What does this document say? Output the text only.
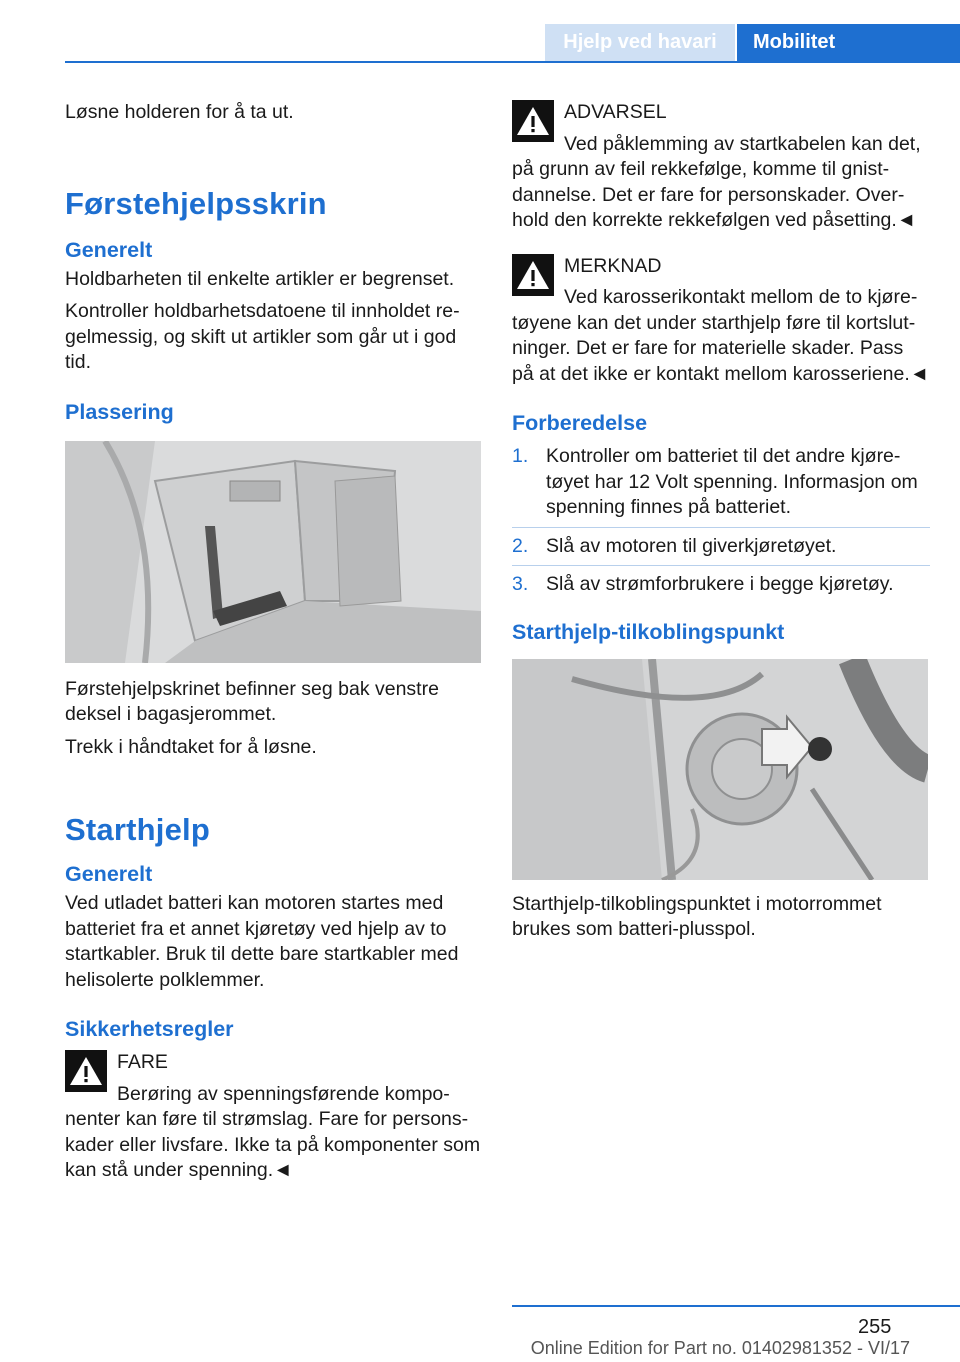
Hjelp ved havari	Mobilitet

Løsne holderen for å ta ut.

Førstehjelpsskrin
Generelt

Holdbarheten til enkelte artikler er begrenset.

Kontroller holdbarhetsdatoene til innholdet regelmessig, og skift ut artikler som går ut i god tid.

Plassering

Førstehjelpskrinet befinner seg bak venstre deksel i bagasjerommet.

Trekk i håndtaket for å løsne.

Starthjelp
Generelt

Ved utladet batteri kan motoren startes med batteriet fra et annet kjøretøy ved hjelp av to startkabler. Bruk til dette bare startkabler med helisolerte polklemmer.

Sikkerhetsregler
FARE

Berøring av spenningsførende komponenter kan føre til strømslag. Fare for personskader eller livsfare. Ikke ta på komponenter som kan stå under spenning.◄

ADVARSEL

Ved påklemming av startkabelen kan det, på grunn av feil rekkefølge, komme til gnistdannelse. Det er fare for personskader. Overhold den korrekte rekkefølgen ved påsetting.◄

MERKNAD

Ved karosserikontakt mellom de to kjøretøyene kan det under starthjelp føre til kortslutninger. Det er fare for materielle skader. Pass på at det ikke er kontakt mellom karosseriene.◄

Forberedelse
1. Kontroller om batteriet til det andre kjøretøyet har 12 Volt spenning. Informasjon om spenning finnes på batteriet.
2. Slå av motoren til giverkjøretøyet.
3. Slå av strømforbrukere i begge kjøretøy.
Starthjelp-tilkoblingspunkt

Starthjelp-tilkoblingspunktet i motorrommet brukes som batteri-plusspol.

255
Online Edition for Part no. 01402981352 - VI/17
